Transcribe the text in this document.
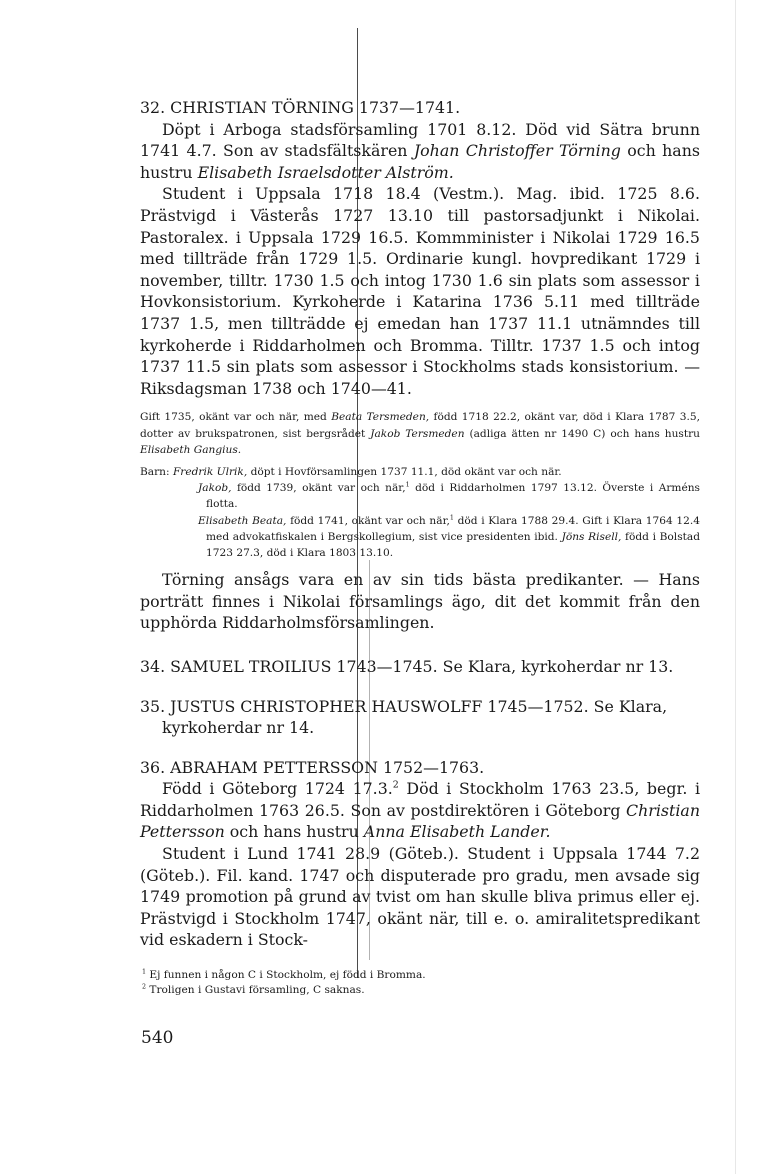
32. CHRISTIAN TÖRNING 1737—1741.
Döpt i Arboga stadsförsamling 1701 8.12. Död vid Sätra brunn 1741 4.7. Son av stadsfältskären Johan Christoffer Törning och hans hustru Elisabeth Israelsdotter Alström.
Student i Uppsala 1718 18.4 (Vestm.). Mag. ibid. 1725 8.6. Prästvigd i Västerås 1727 13.10 till pastorsadjunkt i Nikolai. Pastoralex. i Uppsala 1729 16.5. Kommminister i Nikolai 1729 16.5 med tillträde från 1729 1.5. Ordinarie kungl. hovpredikant 1729 i november, tilltr. 1730 1.5 och intog 1730 1.6 sin plats som assessor i Hovkonsistorium. Kyrkoherde i Katarina 1736 5.11 med tillträde 1737 1.5, men tillträdde ej emedan han 1737 11.1 utnämndes till kyrkoherde i Riddarholmen och Bromma. Tilltr. 1737 1.5 och intog 1737 11.5 sin plats som assessor i Stockholms stads konsistorium. — Riksdagsman 1738 och 1740—41.
Gift 1735, okänt var och när, med Beata Tersmeden, född 1718 22.2, okänt var, död i Klara 1787 3.5, dotter av brukspatronen, sist bergsrådet Jakob Tersmeden (adliga ätten nr 1490 C) och hans hustru Elisabeth Gangius.
Barn: Fredrik Ulrik, döpt i Hovförsamlingen 1737 11.1, död okänt var och när.
Jakob, född 1739, okänt var och när,$^1$ död i Riddarholmen 1797 13.12. Överste i Arméns flotta.
Elisabeth Beata, född 1741, okänt var och när,$^1$ död i Klara 1788 29.4. Gift i Klara 1764 12.4 med advokatfiskalen i Bergskollegium, sist vice presidenten ibid. Jöns Risell, född i Bolstad 1723 27.3, död i Klara 1803 13.10.
Törning ansågs vara en av sin tids bästa predikanter. — Hans porträtt finnes i Nikolai församlings ägo, dit det kommit från den upphörda Riddarholmsförsamlingen.
34. SAMUEL TROILIUS 1743—1745. Se Klara, kyrkoherdar nr 13.
35. JUSTUS CHRISTOPHER HAUSWOLFF 1745—1752. Se Klara,
kyrkoherdar nr 14.
36. ABRAHAM PETTERSSON 1752—1763.
Född i Göteborg 1724 17.3.$^2$ Död i Stockholm 1763 23.5, begr. i Riddarholmen 1763 26.5. Son av postdirektören i Göteborg Christian Pettersson och hans hustru Anna Elisabeth Lander.
Student i Lund 1741 28.9 (Göteb.). Student i Uppsala 1744 7.2 (Göteb.). Fil. kand. 1747 och disputerade pro gradu, men avsade sig 1749 promotion på grund av tvist om han skulle bliva primus eller ej. Prästvigd i Stockholm 1747, okänt när, till e. o. amiralitetspredikant vid eskadern i Stock-
$^1$ Ej funnen i någon C i Stockholm, ej född i Bromma.
$^2$ Troligen i Gustavi församling, C saknas.
540
